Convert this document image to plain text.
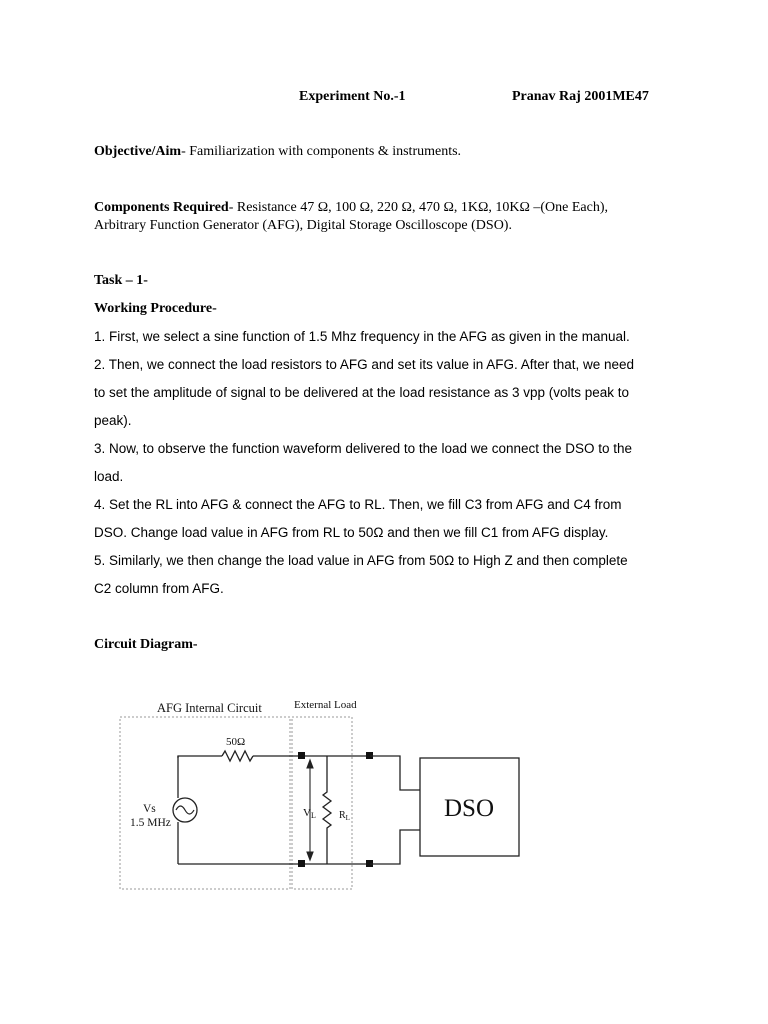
Experiment No.-1	Pranav Raj 2001ME47
Objective/Aim- Familiarization with components & instruments.
Components Required- Resistance 47 Ω, 100 Ω, 220 Ω, 470 Ω, 1KΩ, 10KΩ –(One Each),
Arbitrary Function Generator (AFG), Digital Storage Oscilloscope (DSO).
Task – 1-
Working Procedure-
1. First, we select a sine function of 1.5 Mhz frequency in the AFG as given in the manual.
2. Then, we connect the load resistors to AFG and set its value in AFG. After that, we need
to set the amplitude of signal to be delivered at the load resistance as 3 vpp (volts peak to
peak).
3. Now, to observe the function waveform delivered to the load we connect the DSO to the
load.
4. Set the RL into AFG & connect the AFG to RL. Then, we fill C3 from AFG and C4 from
DSO. Change load value in AFG from RL to 50Ω and then we fill C1 from AFG display.
5. Similarly, we then change the load value in AFG from 50Ω to High Z and then complete
C2 column from AFG.
Circuit Diagram-
AFG Internal Circuit	External Load
50Ω
Vs
1.5 MHz
VL $R_L$	DSO
